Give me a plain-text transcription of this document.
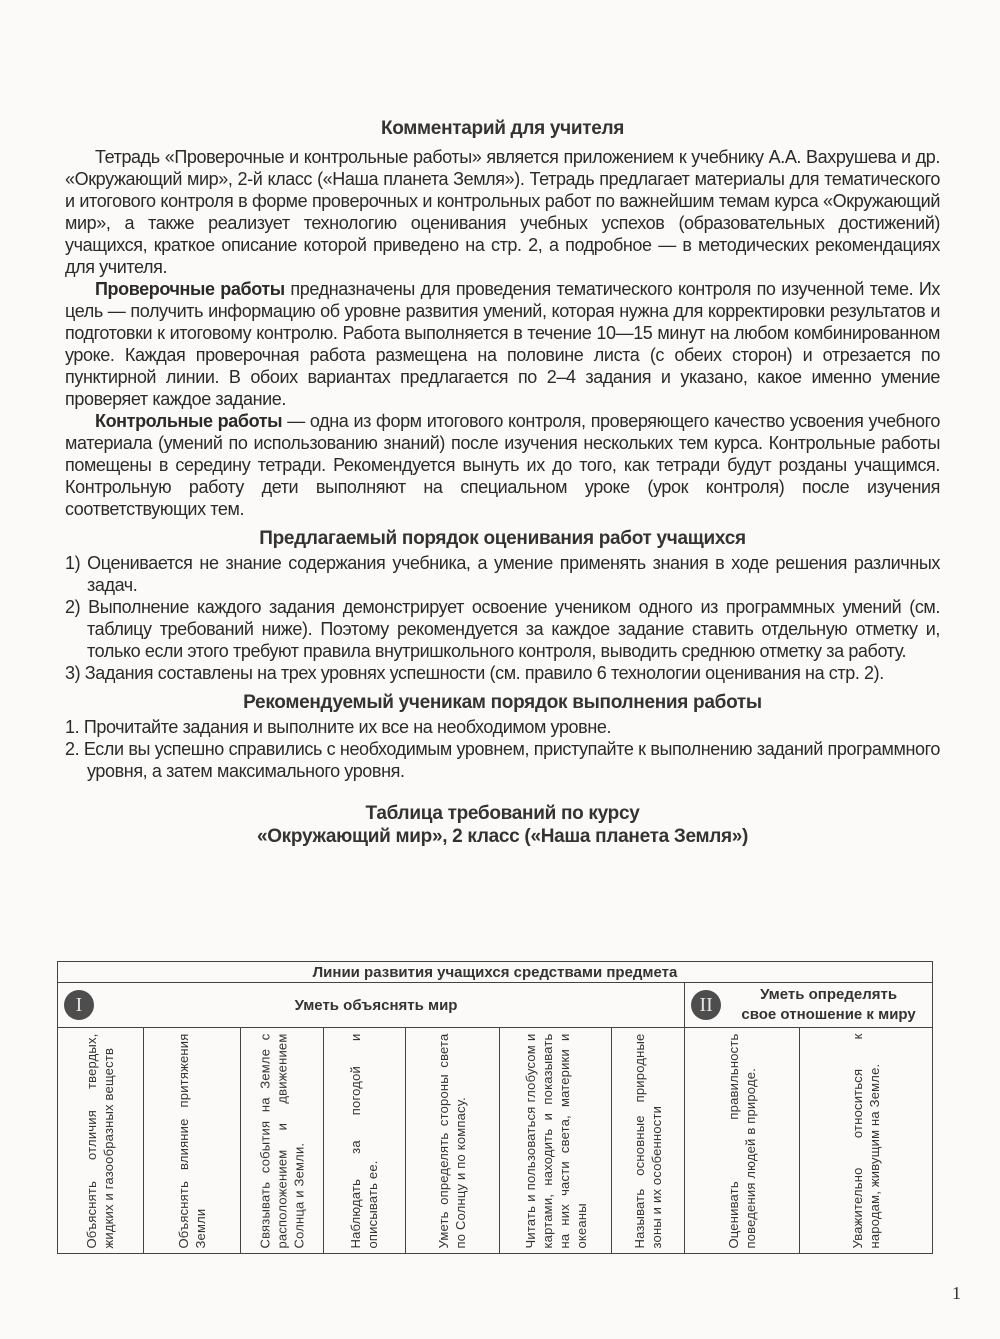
Комментарий для учителя

Тетрадь «Проверочные и контрольные работы» является приложением к учебнику А.А. Вахрушева и др. «Окружающий мир», 2-й класс («Наша планета Земля»). Тетрадь предлагает материалы для тематического и итогового контроля в форме проверочных и контрольных работ по важнейшим темам курса «Окружающий мир», а также реализует технологию оценивания учебных успехов (образовательных достижений) учащихся, краткое описание которой приведено на стр. 2, а подробное — в методических рекомендациях для учителя.

Проверочные работы предназначены для проведения тематического контроля по изученной теме. Их цель — получить информацию об уровне развития умений, которая нужна для корректировки результатов и подготовки к итоговому контролю. Работа выполняется в течение 10—15 минут на любом комбинированном уроке. Каждая проверочная работа размещена на половине листа (с обеих сторон) и отрезается по пунктирной линии. В обоих вариантах предлагается по 2–4 задания и указано, какое именно умение проверяет каждое задание.

Контрольные работы — одна из форм итогового контроля, проверяющего качество усвоения учебного материала (умений по использованию знаний) после изучения нескольких тем курса. Контрольные работы помещены в середину тетради. Рекомендуется вынуть их до того, как тетради будут розданы учащимся. Контрольную работу дети выполняют на специальном уроке (урок контроля) после изучения соответствующих тем.

Предлагаемый порядок оценивания работ учащихся
1) Оценивается не знание содержания учебника, а умение применять знания в ходе решения различных задач.
2) Выполнение каждого задания демонстрирует освоение учеником одного из программных умений (см. таблицу требований ниже). Поэтому рекомендуется за каждое задание ставить отдельную отметку и, только если этого требуют правила внутришкольного контроля, выводить среднюю отметку за работу.
3) Задания составлены на трех уровнях успешности (см. правило 6 технологии оценивания на стр. 2).
Рекомендуемый ученикам порядок выполнения работы
1. Прочитайте задания и выполните их все на необходимом уровне.
2. Если вы успешно справились с необходимым уровнем, приступайте к выполнению заданий программного уровня, а затем максимального уровня.
Таблица требований по курсу
«Окружающий мир», 2 класс («Наша планета Земля»)
Линии развития учащихся средствами предмета								

I Уметь объяснять мир							II Уметь определять
свое отношение к миру	

Объяснять отличия твердых, жидких и газообразных веществ	Объяснять влияние притяжения Земли	Связывать события на Земле с расположением и движением Солнца и Земли.	Наблюдать за погодой и описывать ее.	Уметь определять стороны света по Солнцу и по компасу.	Читать и пользоваться глобусом и картами, находить и показывать на них части света, материки и океаны	Называть основные природные зоны и их особенности	Оценивать правильность поведения людей в природе.	Уважительно относиться к народам, живущим на Земле.
1
